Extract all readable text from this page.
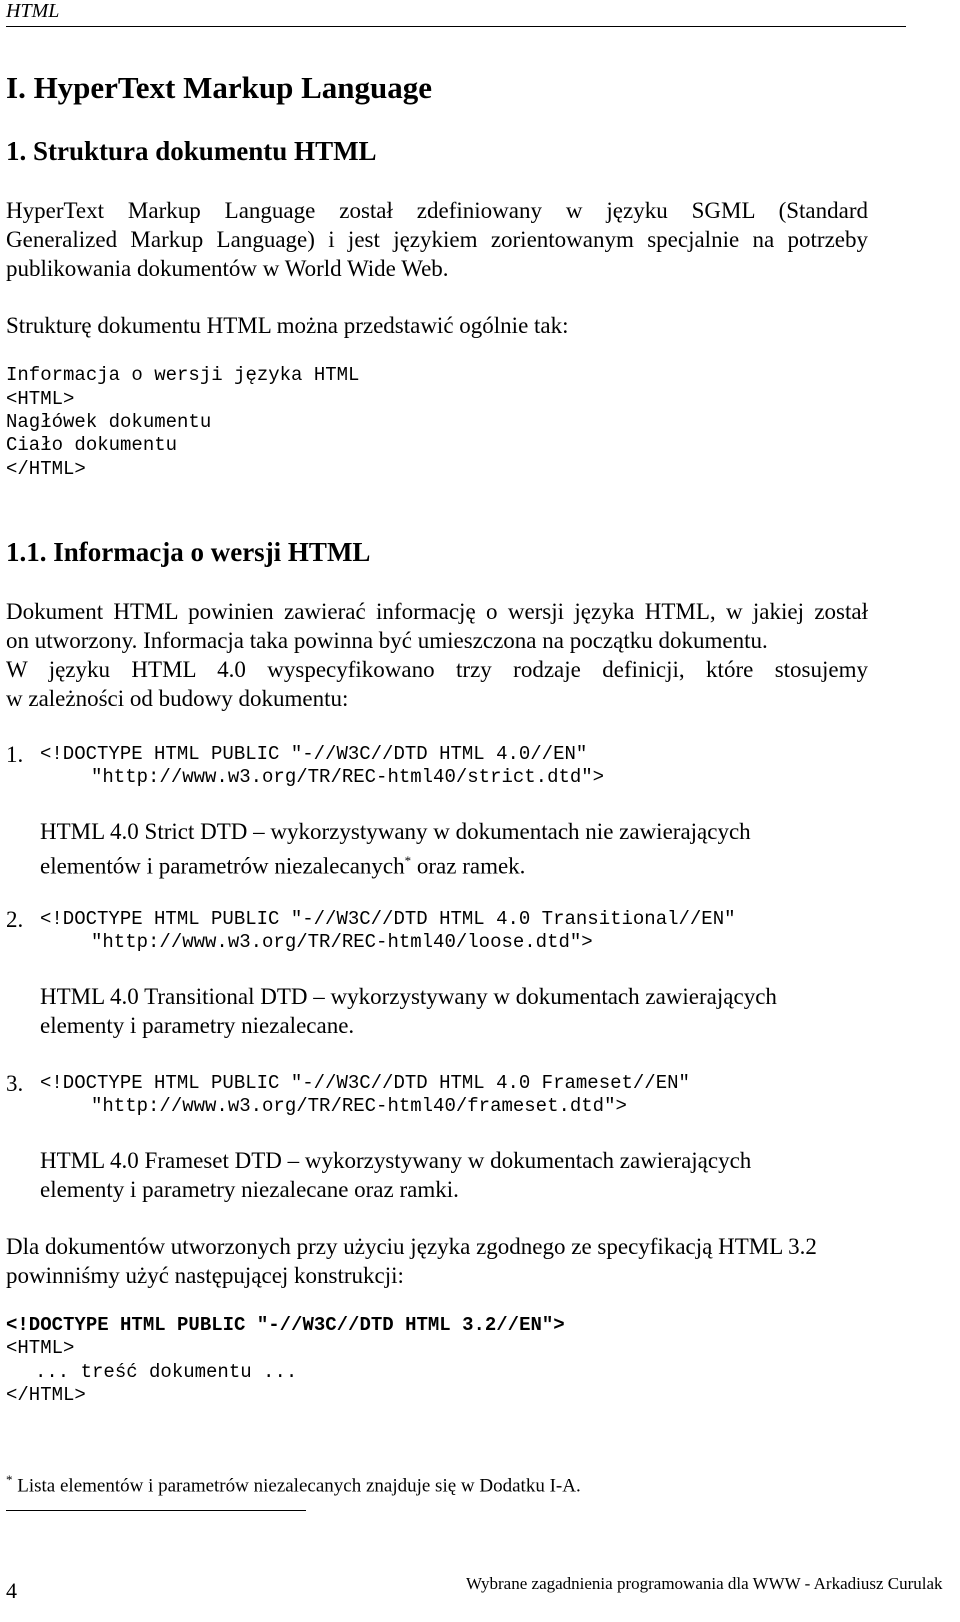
HTML
I. HyperText Markup Language
1. Struktura dokumentu HTML
HyperText Markup Language został zdefiniowany w języku SGML (Standard
Generalized Markup Language) i jest językiem zorientowanym specjalnie na potrzeby
publikowania dokumentów w World Wide Web.
Strukturę dokumentu HTML można przedstawić ogólnie tak:
Informacja o wersji języka HTML
<HTML>
Nagłówek dokumentu
Ciało dokumentu
</HTML>
1.1. Informacja o wersji HTML
Dokument HTML powinien zawierać informację o wersji języka HTML, w jakiej został
on utworzony. Informacja taka powinna być umieszczona na początku dokumentu.
W języku HTML 4.0 wyspecyfikowano trzy rodzaje definicji, które stosujemy
w zależności od budowy dokumentu:
1. <!DOCTYPE HTML PUBLIC "-//W3C//DTD HTML 4.0//EN"
"http://www.w3.org/TR/REC-html40/strict.dtd">
HTML 4.0 Strict DTD – wykorzystywany w dokumentach nie zawierających
elementów i parametrów niezalecanych* oraz ramek.
2. <!DOCTYPE HTML PUBLIC "-//W3C//DTD HTML 4.0 Transitional//EN"
"http://www.w3.org/TR/REC-html40/loose.dtd">
HTML 4.0 Transitional DTD – wykorzystywany w dokumentach zawierających
elementy i parametry niezalecane.
3. <!DOCTYPE HTML PUBLIC "-//W3C//DTD HTML 4.0 Frameset//EN"
"http://www.w3.org/TR/REC-html40/frameset.dtd">
HTML 4.0 Frameset DTD – wykorzystywany w dokumentach zawierających
elementy i parametry niezalecane oraz ramki.
Dla dokumentów utworzonych przy użyciu języka zgodnego ze specyfikacją HTML 3.2
powinniśmy użyć następującej konstrukcji:
<!DOCTYPE HTML PUBLIC "-//W3C//DTD HTML 3.2//EN">
<HTML>
... treść dokumentu ...
</HTML>
* Lista elementów i parametrów niezalecanych znajduje się w Dodatku I-A.
4	Wybrane zagadnienia programowania dla WWW - Arkadiusz Curulak
